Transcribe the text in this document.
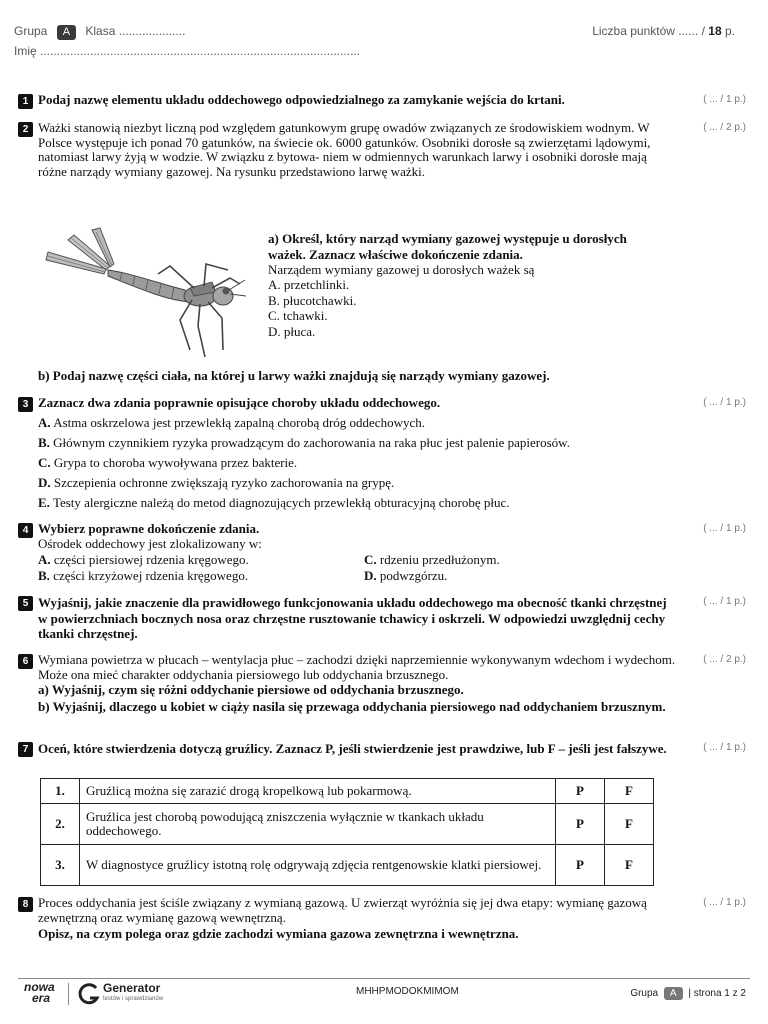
Grupa A Klasa ....................	Liczba punktów ...... / 18 p.
Imię ................................................................................................
1 Podaj nazwę elementu układu oddechowego odpowiedzialnego za zamykanie wejścia do krtani.	( ... / 1 p.)
2 Ważki stanowią niezbyt liczną pod względem gatunkowym grupę owadów związanych ze środowiskiem wodnym. W Polsce występuje ich ponad 70 gatunków, na świecie ok. 6000 gatunków. Osobniki dorosłe są zwierzętami lądowymi, natomiast larwy żyją w wodzie. W związku z bytowa- niem w odmiennych warunkach larwy i osobniki dorosłe mają różne narządy wymiany gazowej. Na rysunku przedstawiono larwę ważki.
( ... / 2 p.)
a) Określ, który narząd wymiany gazowej występuje u dorosłych ważek. Zaznacz właściwe dokończenie zdania.
Narządem wymiany gazowej u dorosłych ważek są
A. przetchlinki.
B. płucotchawki.
C. tchawki.
D. płuca.
b) Podaj nazwę części ciała, na której u larwy ważki znajdują się narządy wymiany gazowej.
3 Zaznacz dwa zdania poprawnie opisujące choroby układu oddechowego.	( ... / 1 p.)
A. Astma oskrzelowa jest przewlekłą zapalną chorobą dróg oddechowych.
B. Głównym czynnikiem ryzyka prowadzącym do zachorowania na raka płuc jest palenie papierosów.
C. Grypa to choroba wywoływana przez bakterie.
D. Szczepienia ochronne zwiększają ryzyko zachorowania na grypę.
E. Testy alergiczne należą do metod diagnozujących przewlekłą obturacyjną chorobę płuc.
4 Wybierz poprawne dokończenie zdania.	( ... / 1 p.)
Ośrodek oddechowy jest zlokalizowany w:
A. części piersiowej rdzenia kręgowego.
B. części krzyżowej rdzenia kręgowego.
C. rdzeniu przedłużonym.
D. podwzgórzu.
5 Wyjaśnij, jakie znaczenie dla prawidłowego funkcjonowania układu oddechowego ma obecność tkanki chrzęstnej w powierzchniach bocznych nosa oraz chrzęstne rusztowanie tchawicy i oskrzeli. W odpowiedzi uwzględnij cechy tkanki chrzęstnej.
( ... / 1 p.)
6 Wymiana powietrza w płucach – wentylacja płuc – zachodzi dzięki naprzemiennie wykonywanym wdechom i wydechom. Może ona mieć charakter oddychania piersiowego lub oddychania brzusznego.
( ... / 2 p.)
a) Wyjaśnij, czym się różni oddychanie piersiowe od oddychania brzusznego.
b) Wyjaśnij, dlaczego u kobiet w ciąży nasila się przewaga oddychania piersiowego nad oddychaniem brzusznym.
7 Oceń, które stwierdzenia dotyczą gruźlicy. Zaznacz P, jeśli stwierdzenie jest prawdziwe, lub F – jeśli jest fałszywe.	( ... / 1 p.)
1.	Gruźlicą można się zarazić drogą kropelkową lub pokarmową.	P	F
2.	Gruźlica jest chorobą powodującą zniszczenia wyłącznie w tkankach układu oddechowego.	P	F
3.	W diagnostyce gruźlicy istotną rolę odgrywają zdjęcia rentgenowskie klatki piersiowej.	P	F
8 Proces oddychania jest ściśle związany z wymianą gazową. U zwierząt wyróżnia się jej dwa etapy: wymianę gazową zewnętrzną oraz wymianę gazową wewnętrzną.
( ... / 1 p.)
Opisz, na czym polega oraz gdzie zachodzi wymiana gazowa zewnętrzna i wewnętrzna.
nowa
era
Generator
testów i sprawdzianów
MHHPMODOKMIMOM	Grupa A | strona 1 z 2
